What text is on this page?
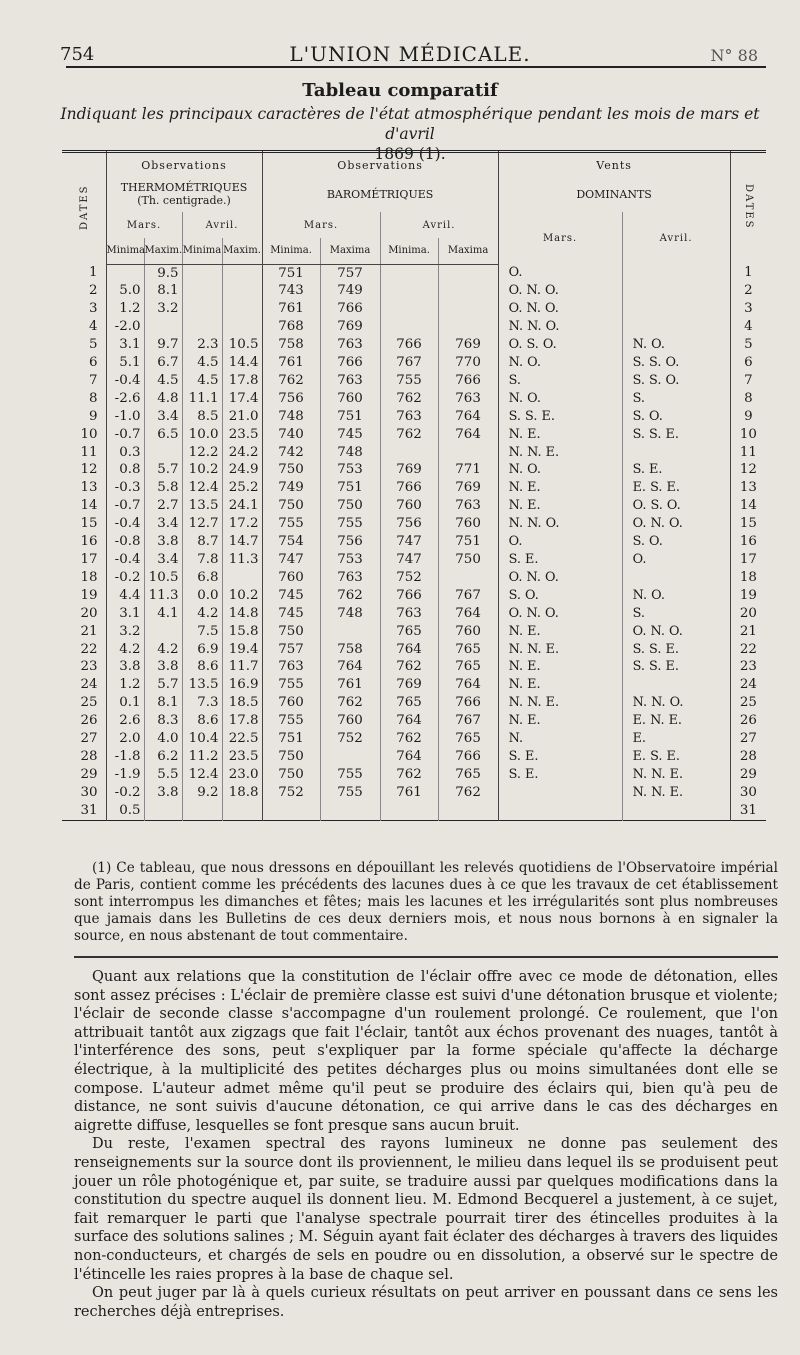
754	L'UNION MÉDICALE.	N° 88
Tableau comparatif
Indiquant les principaux caractères de l'état atmosphérique pendant les mois de mars et d'avril
1869 (1).
DATES	Observations				Observations				Vents		DATES
	THERMOMÉTRIQUES
(Th. centigrade.)				BAROMÉTRIQUES				DOMINANTS		
	Mars.		Avril.		Mars.		Avril.		Mars.	Avril.	
	Minima	Maxim.	Minima	Maxim.	Minima.	Maxima	Minima.	Maxima			
1		9.5			751	757			O.		1
2	5.0	8.1			743	749			O. N. O.		2
3	1.2	3.2			761	766			O. N. O.		3
4	-2.0				768	769			N. N. O.		4
5	3.1	9.7	2.3	10.5	758	763	766	769	O. S. O.	N. O.	5
6	5.1	6.7	4.5	14.4	761	766	767	770	N. O.	S. S. O.	6
7	-0.4	4.5	4.5	17.8	762	763	755	766	S.	S. S. O.	7
8	-2.6	4.8	11.1	17.4	756	760	762	763	N. O.	S.	8
9	-1.0	3.4	8.5	21.0	748	751	763	764	S. S. E.	S. O.	9
10	-0.7	6.5	10.0	23.5	740	745	762	764	N. E.	S. S. E.	10
11	0.3		12.2	24.2	742	748			N. N. E.		11
12	0.8	5.7	10.2	24.9	750	753	769	771	N. O.	S. E.	12
13	-0.3	5.8	12.4	25.2	749	751	766	769	N. E.	E. S. E.	13
14	-0.7	2.7	13.5	24.1	750	750	760	763	N. E.	O. S. O.	14
15	-0.4	3.4	12.7	17.2	755	755	756	760	N. N. O.	O. N. O.	15
16	-0.8	3.8	8.7	14.7	754	756	747	751	O.	S. O.	16
17	-0.4	3.4	7.8	11.3	747	753	747	750	S. E.	O.	17
18	-0.2	10.5	6.8		760	763	752		O. N. O.		18
19	4.4	11.3	0.0	10.2	745	762	766	767	S. O.	N. O.	19
20	3.1	4.1	4.2	14.8	745	748	763	764	O. N. O.	S.	20
21	3.2		7.5	15.8	750		765	760	N. E.	O. N. O.	21
22	4.2	4.2	6.9	19.4	757	758	764	765	N. N. E.	S. S. E.	22
23	3.8	3.8	8.6	11.7	763	764	762	765	N. E.	S. S. E.	23
24	1.2	5.7	13.5	16.9	755	761	769	764	N. E.		24
25	0.1	8.1	7.3	18.5	760	762	765	766	N. N. E.	N. N. O.	25
26	2.6	8.3	8.6	17.8	755	760	764	767	N. E.	E. N. E.	26
27	2.0	4.0	10.4	22.5	751	752	762	765	N.	E.	27
28	-1.8	6.2	11.2	23.5	750		764	766	S. E.	E. S. E.	28
29	-1.9	5.5	12.4	23.0	750	755	762	765	S. E.	N. N. E.	29
30	-0.2	3.8	9.2	18.8	752	755	761	762		N. N. E.	30
31	0.5										31

(1) Ce tableau, que nous dressons en dépouillant les relevés quotidiens de l'Observatoire impérial de Paris, contient comme les précédents des lacunes dues à ce que les travaux de cet établissement sont interrompus les dimanches et fêtes; mais les lacunes et les irrégularités sont plus nombreuses que jamais dans les Bulletins de ces deux derniers mois, et nous nous bornons à en signaler la source, en nous abstenant de tout commentaire.

Quant aux relations que la constitution de l'éclair offre avec ce mode de détonation, elles sont assez précises : L'éclair de première classe est suivi d'une détonation brusque et violente; l'éclair de seconde classe s'accompagne d'un roulement prolongé. Ce roulement, que l'on attribuait tantôt aux zigzags que fait l'éclair, tantôt aux échos provenant des nuages, tantôt à l'interférence des sons, peut s'expliquer par la forme spéciale qu'affecte la décharge électrique, à la multiplicité des petites décharges plus ou moins simultanées dont elle se compose. L'auteur admet même qu'il peut se produire des éclairs qui, bien qu'à peu de distance, ne sont suivis d'aucune détonation, ce qui arrive dans le cas des décharges en aigrette diffuse, lesquelles se font presque sans aucun bruit.

Du reste, l'examen spectral des rayons lumineux ne donne pas seulement des renseignements sur la source dont ils proviennent, le milieu dans lequel ils se produisent peut jouer un rôle photogénique et, par suite, se traduire aussi par quelques modifications dans la constitution du spectre auquel ils donnent lieu. M. Edmond Becquerel a justement, à ce sujet, fait remarquer le parti que l'analyse spectrale pourrait tirer des étincelles produites à la surface des solutions salines ; M. Séguin ayant fait éclater des décharges à travers des liquides non-conducteurs, et chargés de sels en poudre ou en dissolution, a observé sur le spectre de l'étincelle les raies propres à la base de chaque sel.

On peut juger par là à quels curieux résultats on peut arriver en poussant dans ce sens les recherches déjà entreprises.
